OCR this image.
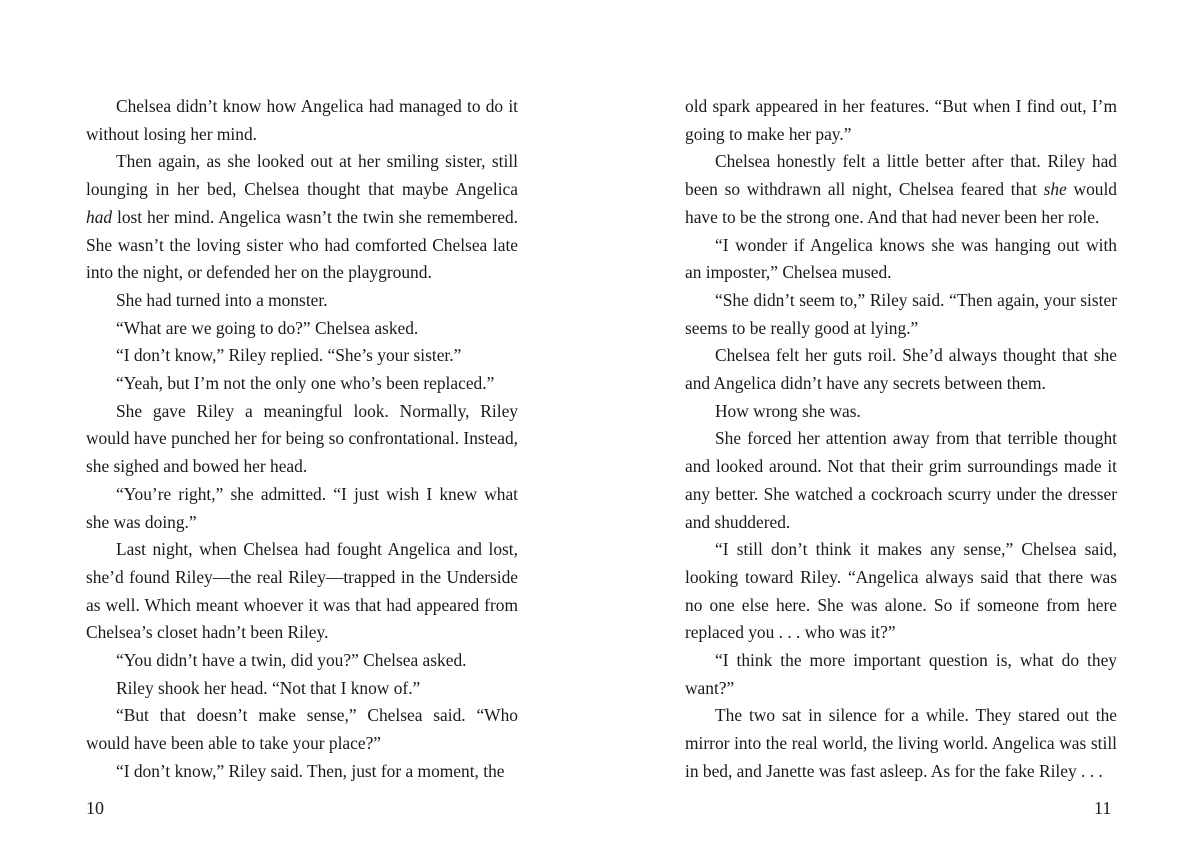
Chelsea didn’t know how Angelica had managed to do it without losing her mind.

Then again, as she looked out at her smiling sister, still lounging in her bed, Chelsea thought that maybe Angelica had lost her mind. Angelica wasn’t the twin she remembered. She wasn’t the loving sister who had comforted Chelsea late into the night, or defended her on the playground.

She had turned into a monster.

“What are we going to do?” Chelsea asked.

“I don’t know,” Riley replied. “She’s your sister.”

“Yeah, but I’m not the only one who’s been replaced.”

She gave Riley a meaningful look. Normally, Riley would have punched her for being so confrontational. Instead, she sighed and bowed her head.

“You’re right,” she admitted. “I just wish I knew what she was doing.”

Last night, when Chelsea had fought Angelica and lost, she’d found Riley—the real Riley—trapped in the Underside as well. Which meant whoever it was that had appeared from Chelsea’s closet hadn’t been Riley.

“You didn’t have a twin, did you?” Chelsea asked.

Riley shook her head. “Not that I know of.”

“But that doesn’t make sense,” Chelsea said. “Who would have been able to take your place?”

“I don’t know,” Riley said. Then, just for a moment, the

10

old spark appeared in her features. “But when I find out, I’m going to make her pay.”

Chelsea honestly felt a little better after that. Riley had been so withdrawn all night, Chelsea feared that she would have to be the strong one. And that had never been her role.

“I wonder if Angelica knows she was hanging out with an imposter,” Chelsea mused.

“She didn’t seem to,” Riley said. “Then again, your sister seems to be really good at lying.”

Chelsea felt her guts roil. She’d always thought that she and Angelica didn’t have any secrets between them.

How wrong she was.

She forced her attention away from that terrible thought and looked around. Not that their grim surroundings made it any better. She watched a cockroach scurry under the dresser and shuddered.

“I still don’t think it makes any sense,” Chelsea said, looking toward Riley. “Angelica always said that there was no one else here. She was alone. So if someone from here replaced you . . . who was it?”

“I think the more important question is, what do they want?”

The two sat in silence for a while. They stared out the mirror into the real world, the living world. Angelica was still in bed, and Janette was fast asleep. As for the fake Riley . . .

11
